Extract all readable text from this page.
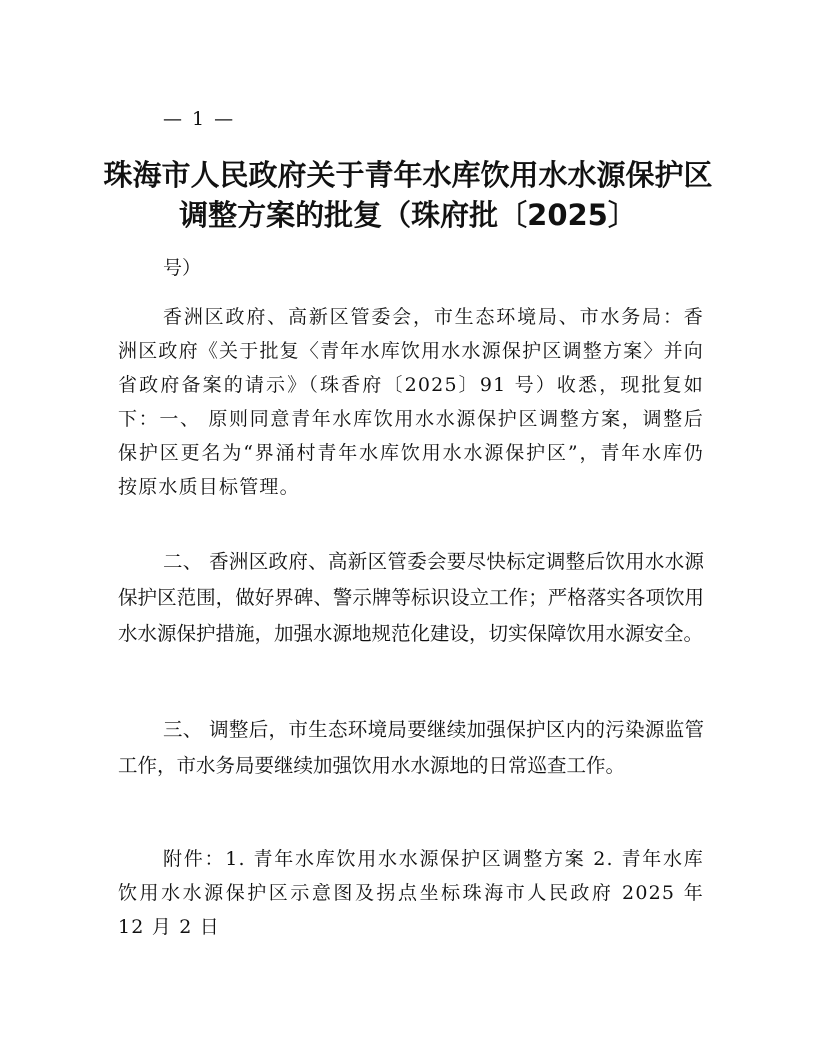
— 1 —
珠海市人民政府关于青年水库饮用水水源保护区调整方案的批复（珠府批〔2025〕

号）

香洲区政府、高新区管委会，市生态环境局、市水务局：香洲区政府《关于批复〈青年水库饮用水水源保护区调整方案〉并向省政府备案的请示》（珠香府〔2025〕91 号）收悉，现批复如下：一、 原则同意青年水库饮用水水源保护区调整方案，调整后保护区更名为“界涌村青年水库饮用水水源保护区”，青年水库仍按原水质目标管理。

二、 香洲区政府、高新区管委会要尽快标定调整后饮用水水源保护区范围，做好界碑、警示牌等标识设立工作；严格落实各项饮用水水源保护措施，加强水源地规范化建设，切实保障饮用水源安全。

三、 调整后，市生态环境局要继续加强保护区内的污染源监管工作，市水务局要继续加强饮用水水源地的日常巡查工作。

附件：1. 青年水库饮用水水源保护区调整方案 2. 青年水库饮用水水源保护区示意图及拐点坐标珠海市人民政府 2025 年 12 月 2 日
